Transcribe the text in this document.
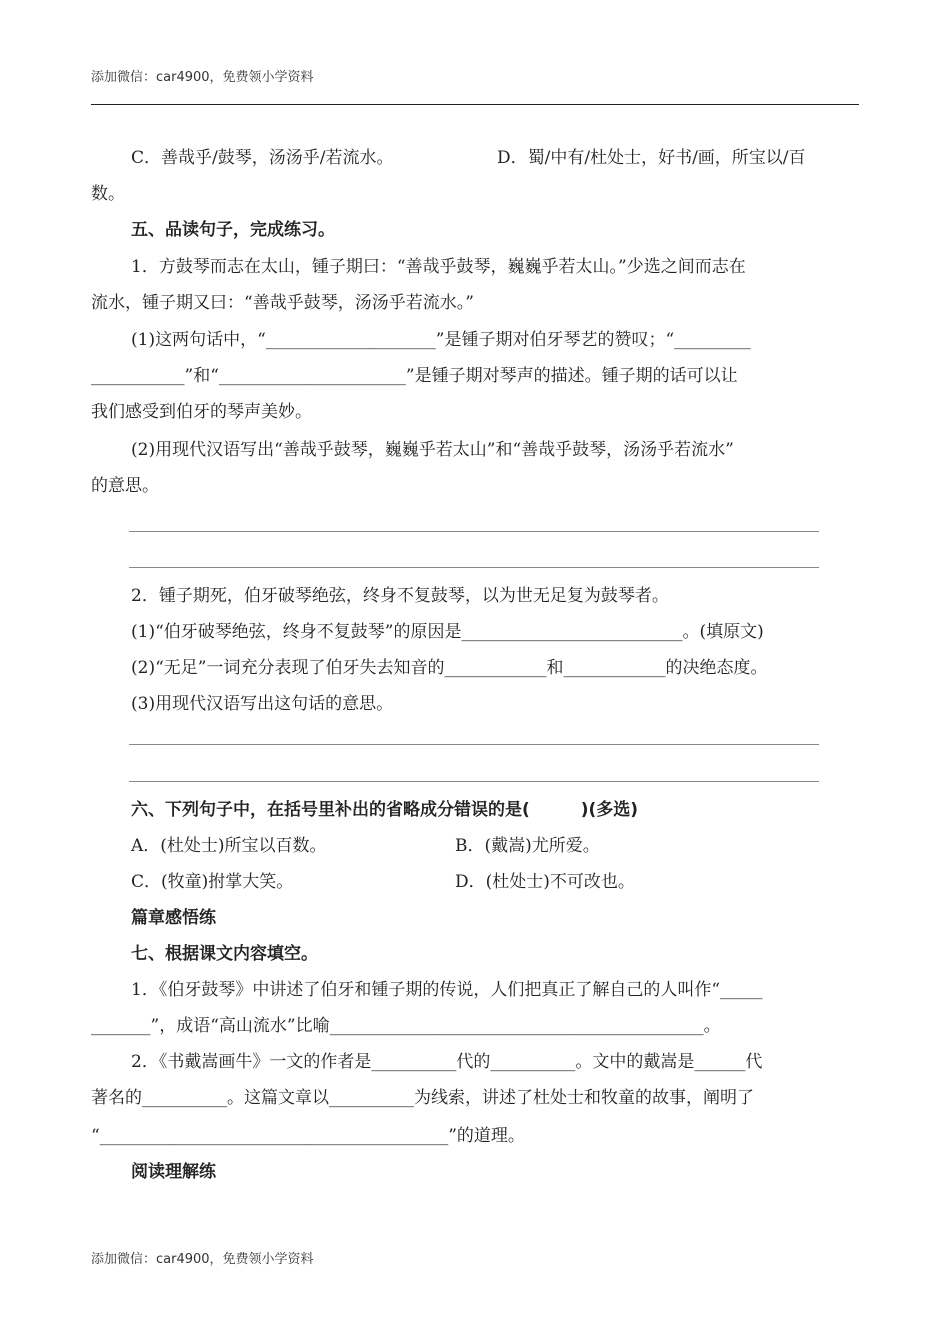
添加微信：car4900，免费领小学资料
C．善哉乎/鼓琴，汤汤乎/若流水。	D．蜀/中有/杜处士，好书/画，所宝以/百
数。
五、品读句子，完成练习。
1．方鼓琴而志在太山，锺子期曰：“善哉乎鼓琴，巍巍乎若太山。”少选之间而志在
流水，锺子期又曰：“善哉乎鼓琴，汤汤乎若流水。”
(1)这两句话中，“____________________”是锺子期对伯牙琴艺的赞叹；“_________
___________”和“______________________”是锺子期对琴声的描述。锺子期的话可以让
我们感受到伯牙的琴声美妙。
(2)用现代汉语写出“善哉乎鼓琴，巍巍乎若太山”和“善哉乎鼓琴，汤汤乎若流水”
的意思。
2．锺子期死，伯牙破琴绝弦，终身不复鼓琴，以为世无足复为鼓琴者。
(1)“伯牙破琴绝弦，终身不复鼓琴”的原因是__________________________。(填原文)
(2)“无足”一词充分表现了伯牙失去知音的____________和____________的决绝态度。
(3)用现代汉语写出这句话的意思。
六、下列句子中，在括号里补出的省略成分错误的是(　　　)(多选)
A．(杜处士)所宝以百数。	B．(戴嵩)尤所爱。
C．(牧童)拊掌大笑。	D．(杜处士)不可改也。
篇章感悟练
七、根据课文内容填空。
1．《伯牙鼓琴》中讲述了伯牙和锺子期的传说，人们把真正了解自己的人叫作“_____
_______”，成语“高山流水”比喻____________________________________________。
2．《书戴嵩画牛》一文的作者是__________代的__________。文中的戴嵩是______代
著名的__________。这篇文章以__________为线索，讲述了杜处士和牧童的故事，阐明了
“_________________________________________”的道理。
阅读理解练
添加微信：car4900，免费领小学资料
